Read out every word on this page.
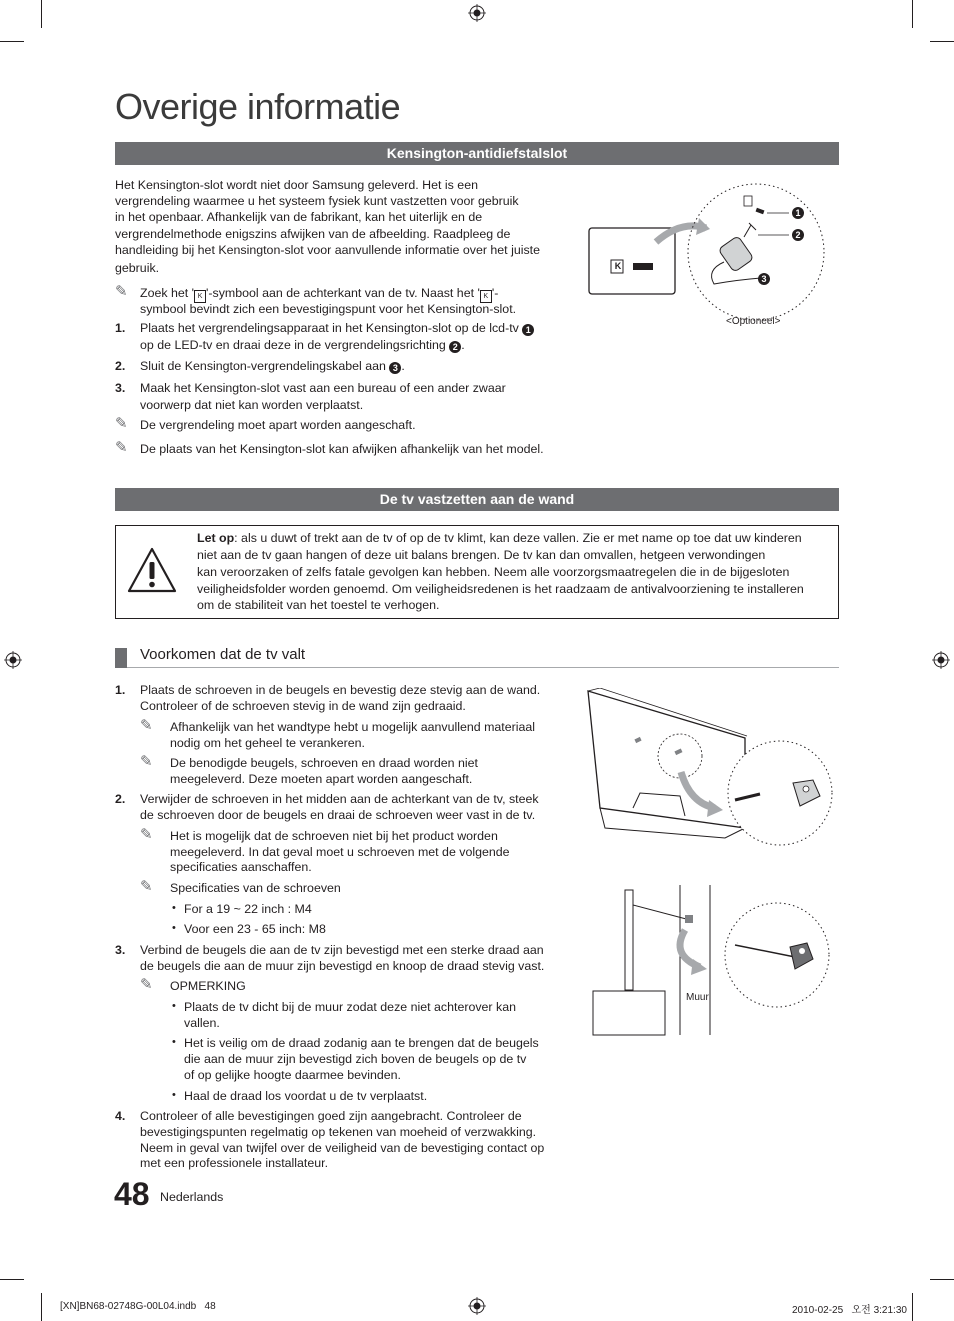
Overige informatie
Kensington-antidiefstalslot
Het Kensington-slot wordt niet door Samsung geleverd. Het is een
vergrendeling waarmee u het systeem fysiek kunt vastzetten voor gebruik
in het openbaar. Afhankelijk van de fabrikant, kan het uiterlijk en de
vergrendelmethode enigszins afwijken van de afbeelding. Raadpleeg de
handleiding bij het Kensington-slot voor aanvullende informatie over het juiste
gebruik.
✎ Zoek het ' K '-symbool aan de achterkant van de tv. Naast het ' K '-
symbool bevindt zich een bevestigingspunt voor het Kensington-slot.
1. Plaats het vergrendelingsapparaat in het Kensington-slot op de lcd-tv 1
op de LED-tv en draai deze in de vergrendelingsrichting 2 .
2. Sluit de Kensington-vergrendelingskabel aan 3 .
3. Maak het Kensington-slot vast aan een bureau of een ander zwaar
voorwerp dat niet kan worden verplaatst.
✎ De vergrendeling moet apart worden aangeschaft.
✎ De plaats van het Kensington-slot kan afwijken afhankelijk van het model.
1
2
3
K
<Optioneel>
De tv vastzetten aan de wand
Let op: als u duwt of trekt aan de tv of op de tv klimt, kan deze vallen. Zie er met name op toe dat uw kinderen
niet aan de tv gaan hangen of deze uit balans brengen. De tv kan dan omvallen, hetgeen verwondingen
kan veroorzaken of zelfs fatale gevolgen kan hebben. Neem alle voorzorgsmaatregelen die in de bijgesloten
veiligheidsfolder worden genoemd. Om veiligheidsredenen is het raadzaam de antivalvoorziening te installeren
om de stabiliteit van het toestel te verhogen.
Voorkomen dat de tv valt
1. Plaats de schroeven in de beugels en bevestig deze stevig aan de wand.
Controleer of de schroeven stevig in de wand zijn gedraaid.
✎ Afhankelijk van het wandtype hebt u mogelijk aanvullend materiaal
nodig om het geheel te verankeren.
✎ De benodigde beugels, schroeven en draad worden niet
meegeleverd. Deze moeten apart worden aangeschaft.
2. Verwijder de schroeven in het midden aan de achterkant van de tv, steek
de schroeven door de beugels en draai de schroeven weer vast in de tv.
✎ Het is mogelijk dat de schroeven niet bij het product worden
meegeleverd. In dat geval moet u schroeven met de volgende
specificaties aanschaffen.
✎ Specificaties van de schroeven
• For a 19 ~ 22 inch : M4
• Voor een 23 - 65 inch: M8
3. Verbind de beugels die aan de tv zijn bevestigd met een sterke draad aan
de beugels die aan de muur zijn bevestigd en knoop de draad stevig vast.
✎ OPMERKING
• Plaats de tv dicht bij de muur zodat deze niet achterover kan
vallen.
• Het is veilig om de draad zodanig aan te brengen dat de beugels
die aan de muur zijn bevestigd zich boven de beugels op de tv
of op gelijke hoogte daarmee bevinden.
• Haal de draad los voordat u de tv verplaatst.
4. Controleer of alle bevestigingen goed zijn aangebracht. Controleer de
bevestigingspunten regelmatig op tekenen van moeheid of verzwakking.
Neem in geval van twijfel over de veiligheid van de bevestiging contact op
met een professionele installateur.
Muur
48 Nederlands
[XN]BN68-02748G-00L04.indb   48	2010-02-25   오전 3:21:30
